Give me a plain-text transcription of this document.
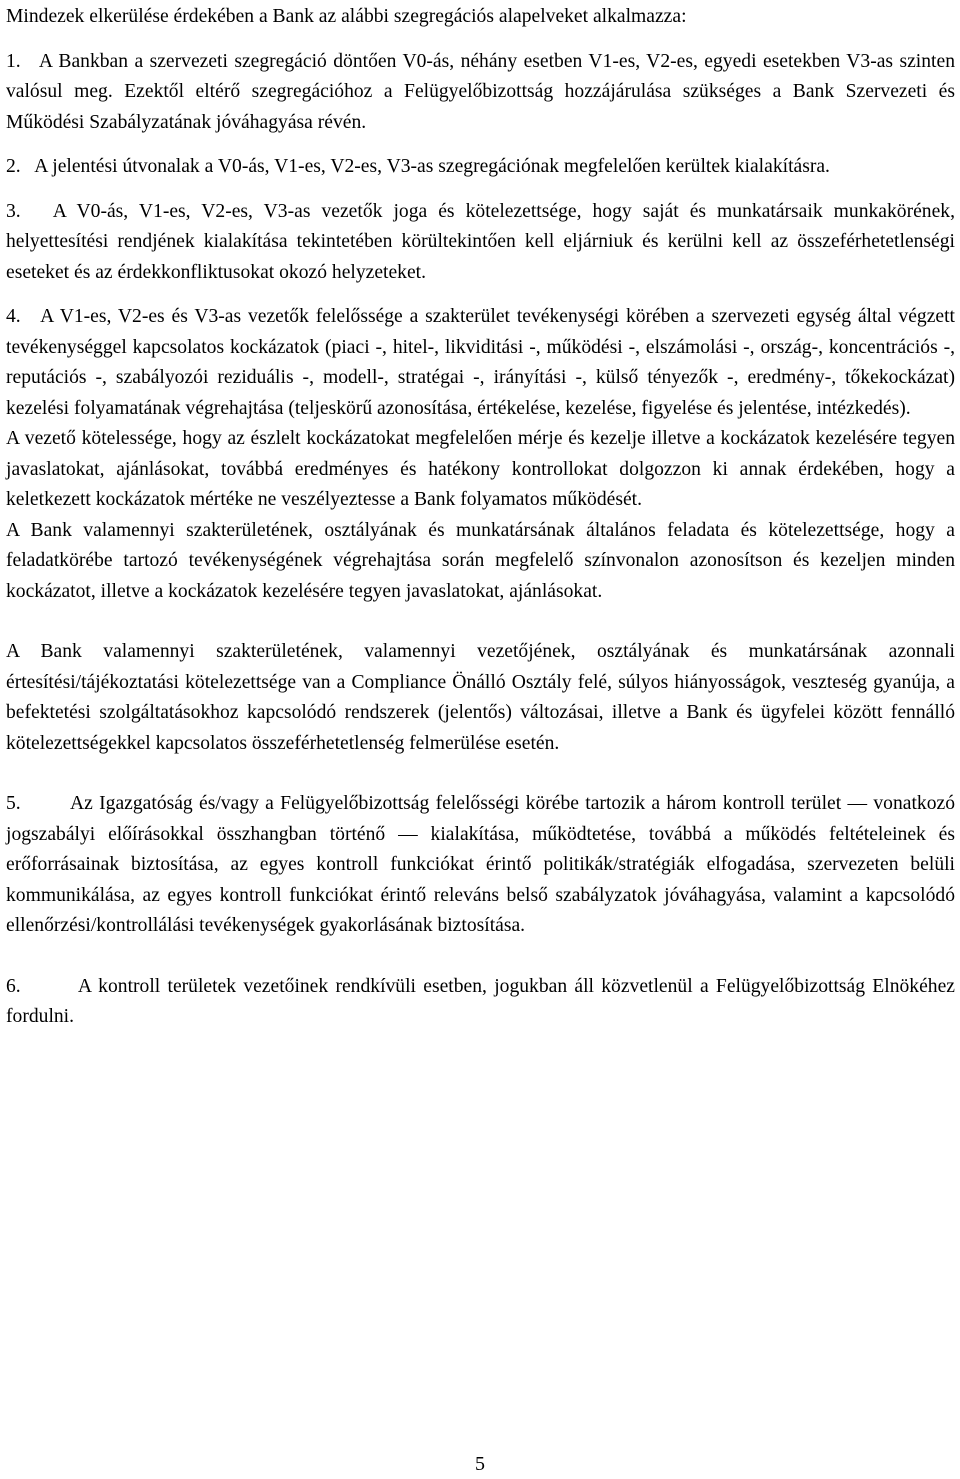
Mindezek elkerülése érdekében a Bank az alábbi szegregációs alapelveket alkalmazza:

1.   A Bankban a szervezeti szegregáció döntően V0-ás, néhány esetben V1-es, V2-es, egyedi esetekben V3-as szinten valósul meg. Ezektől eltérő szegregációhoz a Felügyelőbizottság hozzájárulása szükséges a Bank Szervezeti és Működési Szabályzatának jóváhagyása révén.

2.   A jelentési útvonalak a V0-ás, V1-es, V2-es, V3-as szegregációnak megfelelően kerültek kialakításra.

3.   A V0-ás, V1-es, V2-es, V3-as vezetők joga és kötelezettsége, hogy saját és munkatársaik munkakörének, helyettesítési rendjének kialakítása tekintetében körültekintően kell eljárniuk és kerülni kell az összeférhetetlenségi eseteket és az érdekkonfliktusokat okozó helyzeteket.

4.   A V1-es, V2-es és V3-as vezetők felelőssége a szakterület tevékenységi körében a szervezeti egység által végzett tevékenységgel kapcsolatos kockázatok (piaci -, hitel-, likviditási -, működési -, elszámolási -, ország-, koncentrációs -, reputációs -, szabályozói reziduális -, modell-, stratégai -, irányítási -, külső tényezők -, eredmény-, tőkekockázat) kezelési folyamatának végrehajtása (teljeskörű azonosítása, értékelése, kezelése, figyelése és jelentése, intézkedés).

A vezető kötelessége, hogy az észlelt kockázatokat megfelelően mérje és kezelje illetve a kockázatok kezelésére tegyen javaslatokat, ajánlásokat, továbbá eredményes és hatékony kontrollokat dolgozzon ki annak érdekében, hogy a keletkezett kockázatok mértéke ne veszélyeztesse a Bank folyamatos működését.

A Bank valamennyi szakterületének, osztályának és munkatársának általános feladata és kötelezettsége, hogy a feladatkörébe tartozó tevékenységének végrehajtása során megfelelő színvonalon azonosítson és kezeljen minden kockázatot, illetve a kockázatok kezelésére tegyen javaslatokat, ajánlásokat.

A Bank valamennyi szakterületének, valamennyi vezetőjének, osztályának és munkatársának azonnali értesítési/tájékoztatási kötelezettsége van a Compliance Önálló Osztály felé, súlyos hiányosságok, veszteség gyanúja, a befektetési szolgáltatásokhoz kapcsolódó rendszerek (jelentős) változásai, illetve a Bank és ügyfelei között fennálló kötelezettségekkel kapcsolatos összeférhetetlenség felmerülése esetén.

5.        Az Igazgatóság és/vagy a Felügyelőbizottság felelősségi körébe tartozik a három kontroll terület — vonatkozó jogszabályi előírásokkal összhangban történő — kialakítása, működtetése, továbbá a működés feltételeinek és erőforrásainak biztosítása, az egyes kontroll funkciókat érintő politikák/stratégiák elfogadása, szervezeten belüli kommunikálása, az egyes kontroll funkciókat érintő releváns belső szabályzatok jóváhagyása, valamint a kapcsolódó ellenőrzési/kontrollálási tevékenységek gyakorlásának biztosítása.

6.        A kontroll területek vezetőinek rendkívüli esetben, jogukban áll közvetlenül a Felügyelőbizottság Elnökéhez fordulni.

5
